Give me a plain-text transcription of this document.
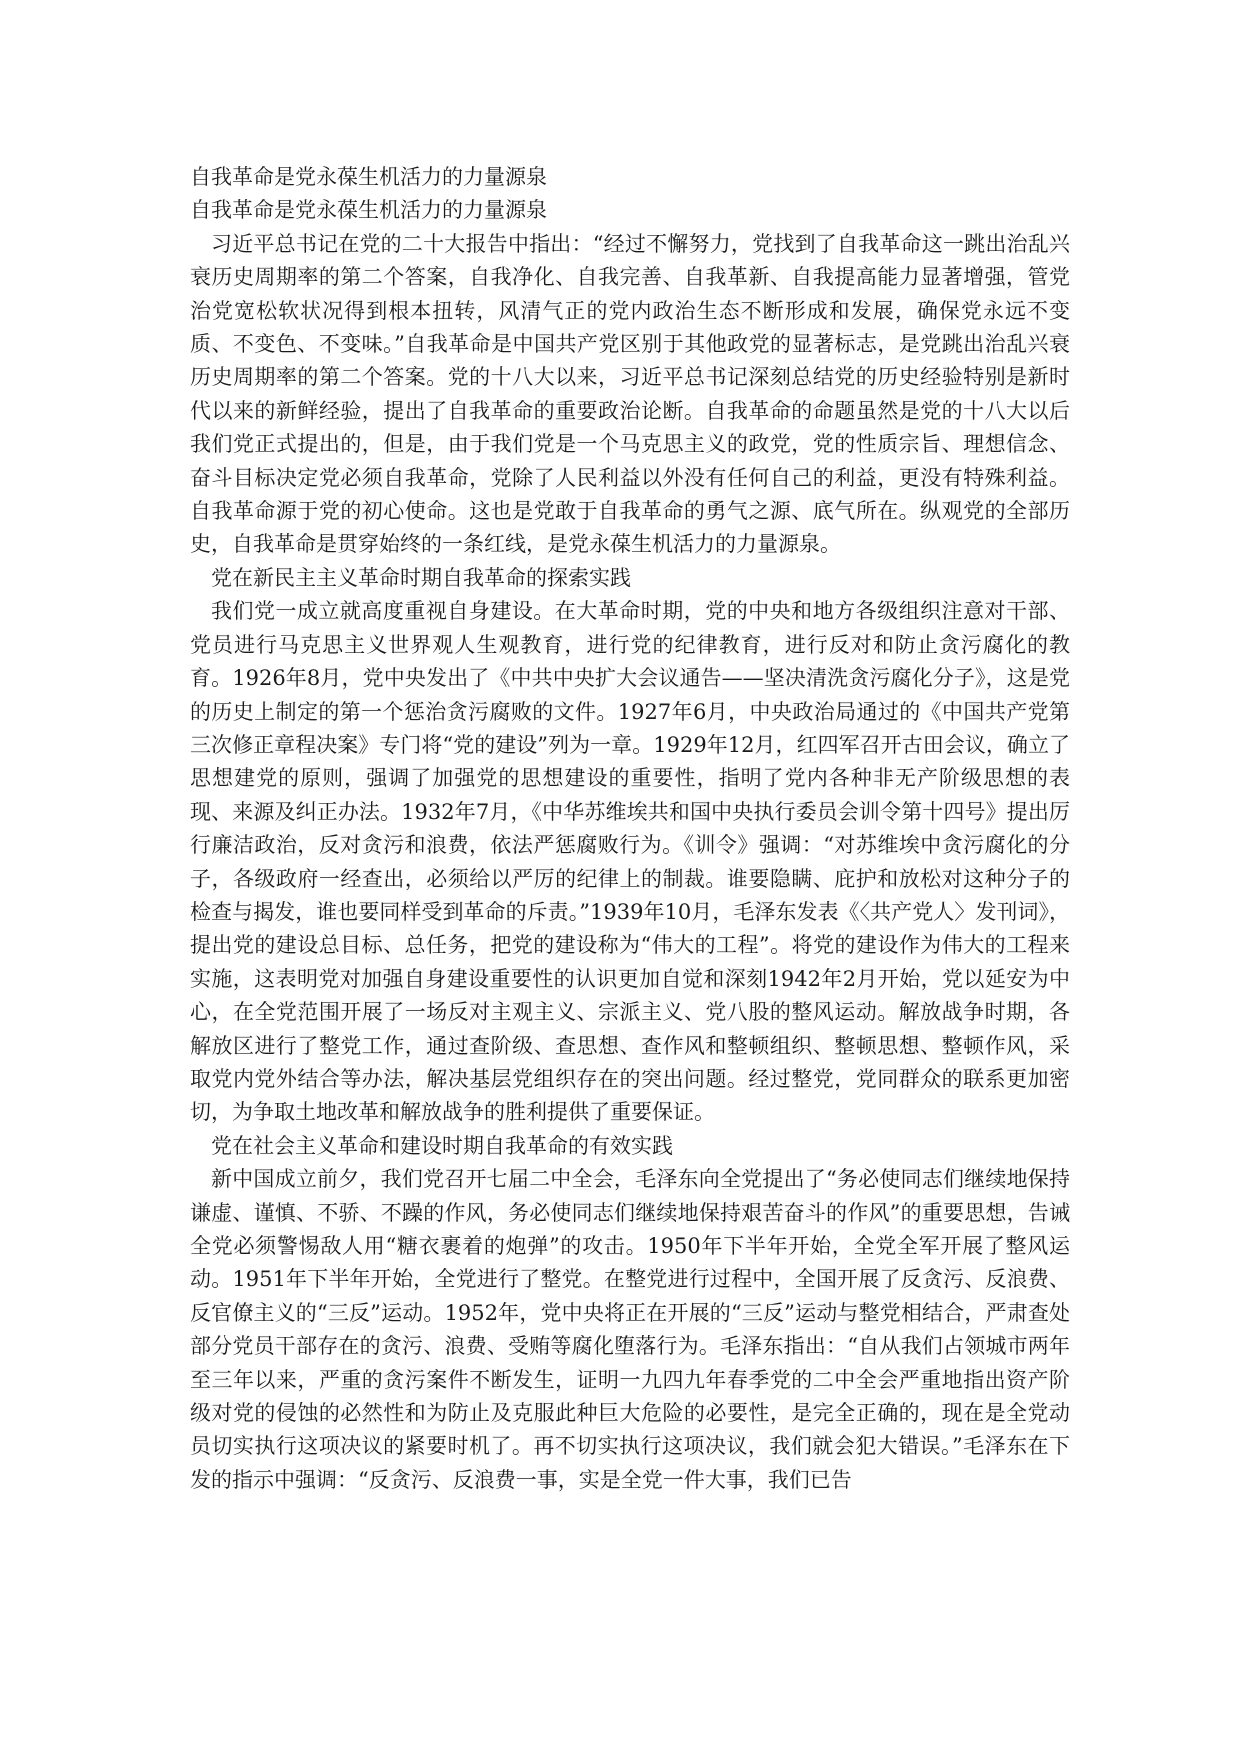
自我革命是党永葆生机活力的力量源泉

自我革命是党永葆生机活力的力量源泉

习近平总书记在党的二十大报告中指出：“经过不懈努力，党找到了自我革命这一跳出治乱兴衰历史周期率的第二个答案，自我净化、自我完善、自我革新、自我提高能力显著增强，管党治党宽松软状况得到根本扭转，风清气正的党内政治生态不断形成和发展，确保党永远不变质、不变色、不变味。”自我革命是中国共产党区别于其他政党的显著标志，是党跳出治乱兴衰历史周期率的第二个答案。党的十八大以来，习近平总书记深刻总结党的历史经验特别是新时代以来的新鲜经验，提出了自我革命的重要政治论断。自我革命的命题虽然是党的十八大以后我们党正式提出的，但是，由于我们党是一个马克思主义的政党，党的性质宗旨、理想信念、奋斗目标决定党必须自我革命，党除了人民利益以外没有任何自己的利益，更没有特殊利益。自我革命源于党的初心使命。这也是党敢于自我革命的勇气之源、底气所在。纵观党的全部历史，自我革命是贯穿始终的一条红线，是党永葆生机活力的力量源泉。

党在新民主主义革命时期自我革命的探索实践

我们党一成立就高度重视自身建设。在大革命时期，党的中央和地方各级组织注意对干部、党员进行马克思主义世界观人生观教育，进行党的纪律教育，进行反对和防止贪污腐化的教育。1926年8月，党中央发出了《中共中央扩大会议通告——坚决清洗贪污腐化分子》，这是党的历史上制定的第一个惩治贪污腐败的文件。1927年6月，中央政治局通过的《中国共产党第三次修正章程决案》专门将“党的建设”列为一章。1929年12月，红四军召开古田会议，确立了思想建党的原则，强调了加强党的思想建设的重要性，指明了党内各种非无产阶级思想的表现、来源及纠正办法。1932年7月，《中华苏维埃共和国中央执行委员会训令第十四号》提出厉行廉洁政治，反对贪污和浪费，依法严惩腐败行为。《训令》强调：“对苏维埃中贪污腐化的分子，各级政府一经查出，必须给以严厉的纪律上的制裁。谁要隐瞒、庇护和放松对这种分子的检查与揭发，谁也要同样受到革命的斥责。”1939年10月，毛泽东发表《〈共产党人〉发刊词》，提出党的建设总目标、总任务，把党的建设称为“伟大的工程”。将党的建设作为伟大的工程来实施，这表明党对加强自身建设重要性的认识更加自觉和深刻1942年2月开始，党以延安为中心，在全党范围开展了一场反对主观主义、宗派主义、党八股的整风运动。解放战争时期，各解放区进行了整党工作，通过查阶级、查思想、查作风和整顿组织、整顿思想、整顿作风，采取党内党外结合等办法，解决基层党组织存在的突出问题。经过整党，党同群众的联系更加密切，为争取土地改革和解放战争的胜利提供了重要保证。

党在社会主义革命和建设时期自我革命的有效实践

新中国成立前夕，我们党召开七届二中全会，毛泽东向全党提出了“务必使同志们继续地保持谦虚、谨慎、不骄、不躁的作风，务必使同志们继续地保持艰苦奋斗的作风”的重要思想，告诫全党必须警惕敌人用“糖衣裹着的炮弹”的攻击。1950年下半年开始，全党全军开展了整风运动。1951年下半年开始，全党进行了整党。在整党进行过程中，全国开展了反贪污、反浪费、反官僚主义的“三反”运动。1952年，党中央将正在开展的“三反”运动与整党相结合，严肃查处部分党员干部存在的贪污、浪费、受贿等腐化堕落行为。毛泽东指出：“自从我们占领城市两年至三年以来，严重的贪污案件不断发生，证明一九四九年春季党的二中全会严重地指出资产阶级对党的侵蚀的必然性和为防止及克服此种巨大危险的必要性，是完全正确的，现在是全党动员切实执行这项决议的紧要时机了。再不切实执行这项决议，我们就会犯大错误。”毛泽东在下发的指示中强调：“反贪污、反浪费一事，实是全党一件大事，我们已告
